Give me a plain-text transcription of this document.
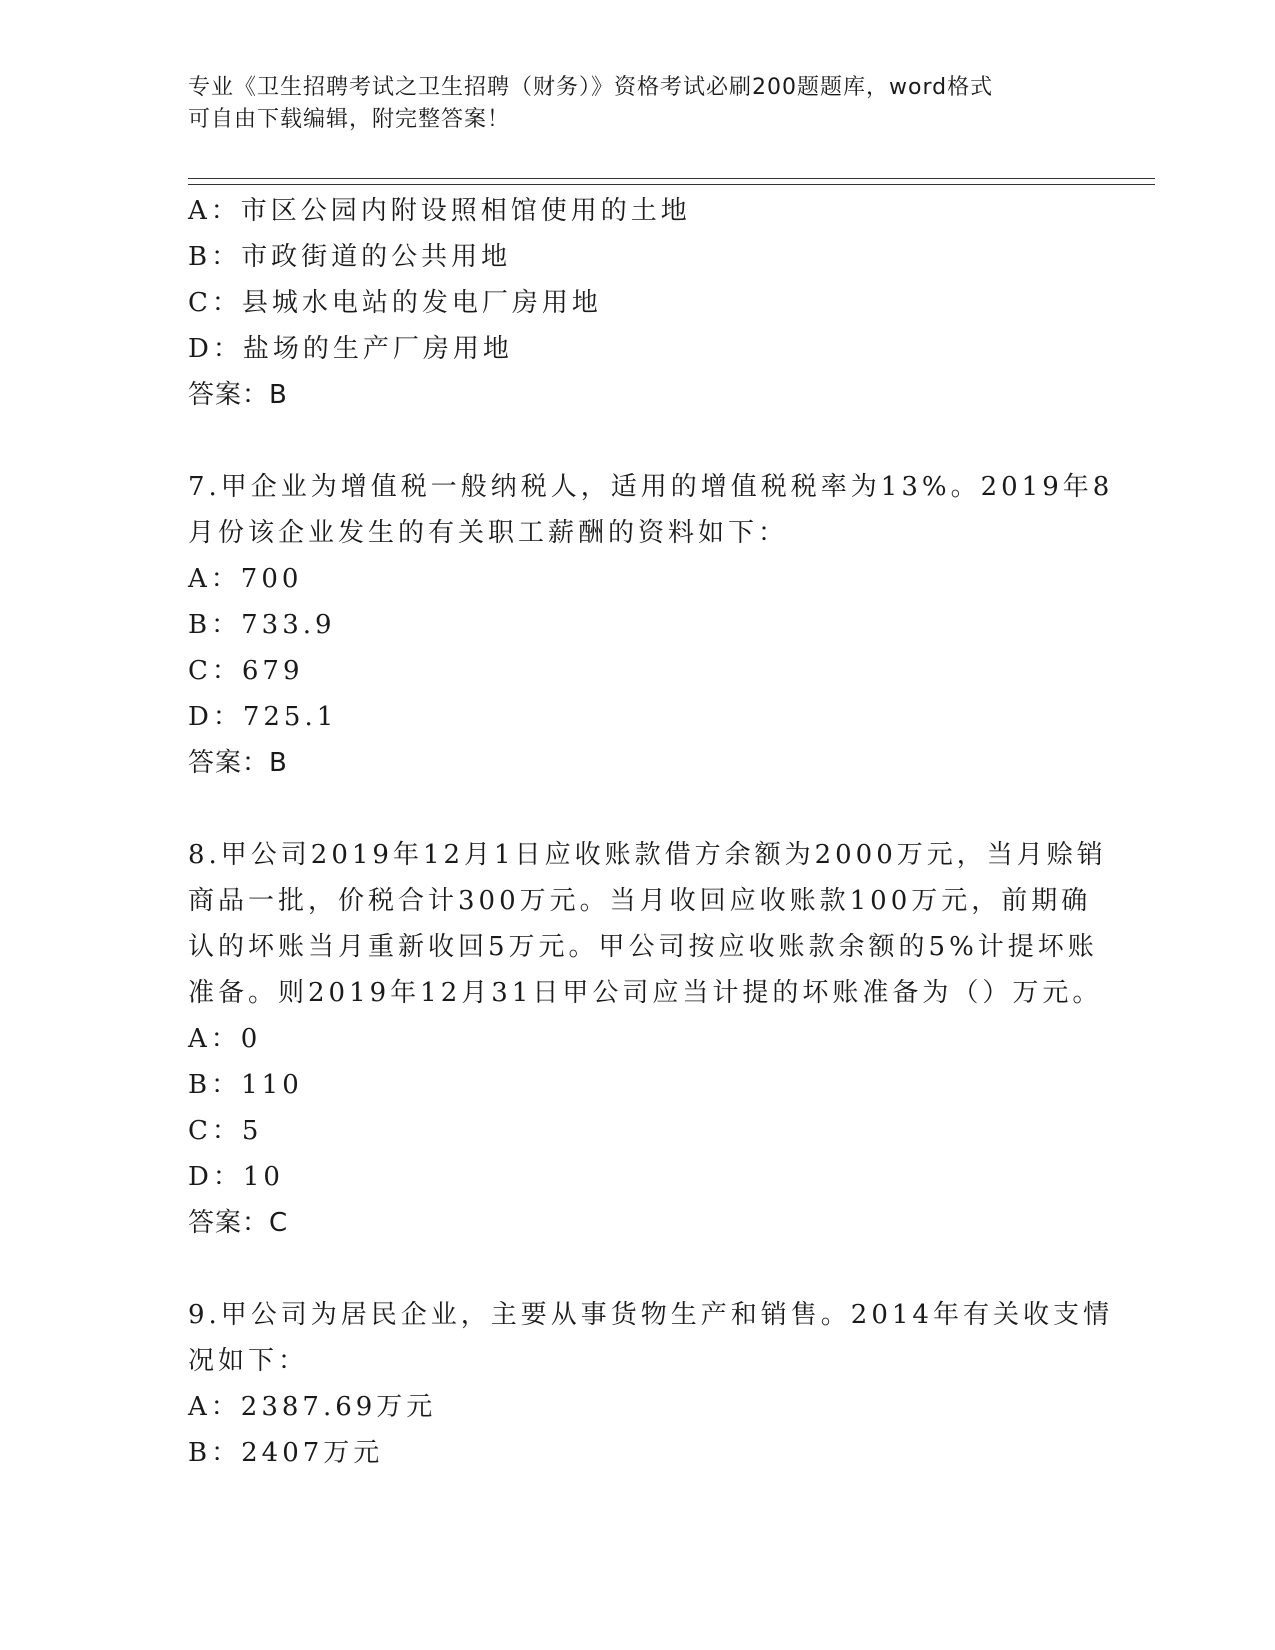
专业《卫生招聘考试之卫生招聘（财务）》资格考试必刷200题题库，word格式
可自由下载编辑，附完整答案！
A：市区公园内附设照相馆使用的土地
B：市政街道的公共用地
C：县城水电站的发电厂房用地
D：盐场的生产厂房用地
答案：B
7.甲企业为增值税一般纳税人，适用的增值税税率为13%。2019年8
月份该企业发生的有关职工薪酬的资料如下：
A：700
B：733.9
C：679
D：725.1
答案：B
8.甲公司2019年12月1日应收账款借方余额为2000万元，当月赊销
商品一批，价税合计300万元。当月收回应收账款100万元，前期确
认的坏账当月重新收回5万元。甲公司按应收账款余额的5%计提坏账
准备。则2019年12月31日甲公司应当计提的坏账准备为（）万元。
A：0
B：110
C：5
D：10
答案：C
9.甲公司为居民企业，主要从事货物生产和销售。2014年有关收支情
况如下：
A：2387.69万元
B：2407万元
